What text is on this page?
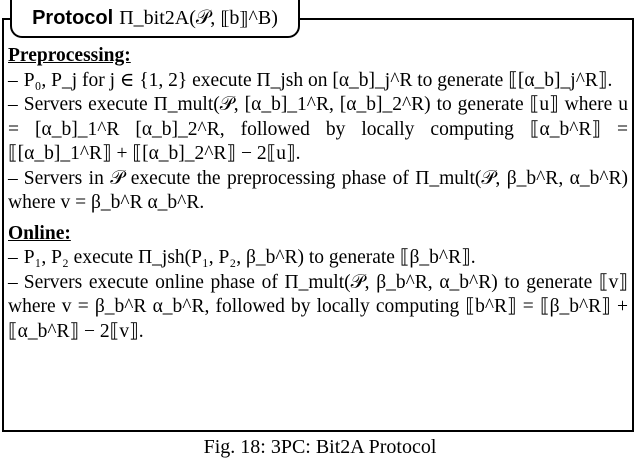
Protocol Π_bit2A(𝒫, ⟦b⟧^B)

Preprocessing:

– P₀, P_j for j ∈ {1, 2} execute Π_jsh on [α_b]_j^R to generate ⟦[α_b]_j^R⟧.

– Servers execute Π_mult(𝒫, [α_b]_1^R, [α_b]_2^R) to generate ⟦u⟧ where u = [α_b]_1^R [α_b]_2^R, followed by locally computing ⟦α_b^R⟧ = ⟦[α_b]_1^R⟧ + ⟦[α_b]_2^R⟧ − 2⟦u⟧.

– Servers in 𝒫 execute the preprocessing phase of Π_mult(𝒫, β_b^R, α_b^R) where v = β_b^R α_b^R.

Online:

– P₁, P₂ execute Π_jsh(P₁, P₂, β_b^R) to generate ⟦β_b^R⟧.

– Servers execute online phase of Π_mult(𝒫, β_b^R, α_b^R) to generate ⟦v⟧ where v = β_b^R α_b^R, followed by locally computing ⟦b^R⟧ = ⟦β_b^R⟧ + ⟦α_b^R⟧ − 2⟦v⟧.

Fig. 18: 3PC: Bit2A Protocol
